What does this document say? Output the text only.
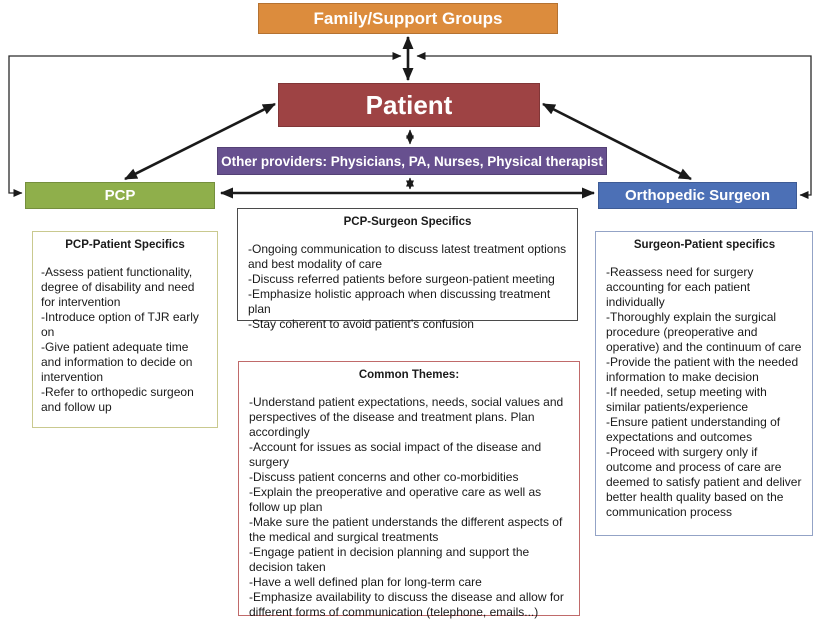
Family/Support Groups
Patient
Other providers: Physicians, PA, Nurses, Physical therapist
PCP	Orthopedic Surgeon
PCP-Patient Specifics
-Assess patient functionality, degree of disability and need for intervention
-Introduce option of TJR early on
-Give patient adequate time and information to decide on intervention
-Refer to orthopedic surgeon and follow up
PCP-Surgeon Specifics
-Ongoing communication to discuss latest treatment options and best modality of care
-Discuss referred patients before surgeon-patient meeting
-Emphasize holistic approach when discussing treatment plan
-Stay coherent to avoid patient’s confusion
Common Themes:
-Understand patient expectations, needs, social values and perspectives of the disease and treatment plans. Plan accordingly
-Account for issues as social impact of the disease and surgery
-Discuss patient concerns and other co-morbidities
-Explain the preoperative and operative care as well as follow up plan
-Make sure the patient understands the different aspects of the medical and surgical treatments
-Engage patient in decision planning and support the decision taken
-Have a well defined plan for long-term care
-Emphasize availability to discuss the disease and allow for different forms of communication (telephone, emails...)
Surgeon-Patient specifics
-Reassess need for surgery accounting for each patient individually
-Thoroughly explain the surgical procedure (preoperative and operative) and the continuum of care
-Provide the patient with the needed information to make decision
-If needed, setup meeting with similar patients/experience
-Ensure patient understanding of expectations and outcomes
-Proceed with surgery only if outcome and process of care are deemed to satisfy patient and deliver better health quality based on the communication process
